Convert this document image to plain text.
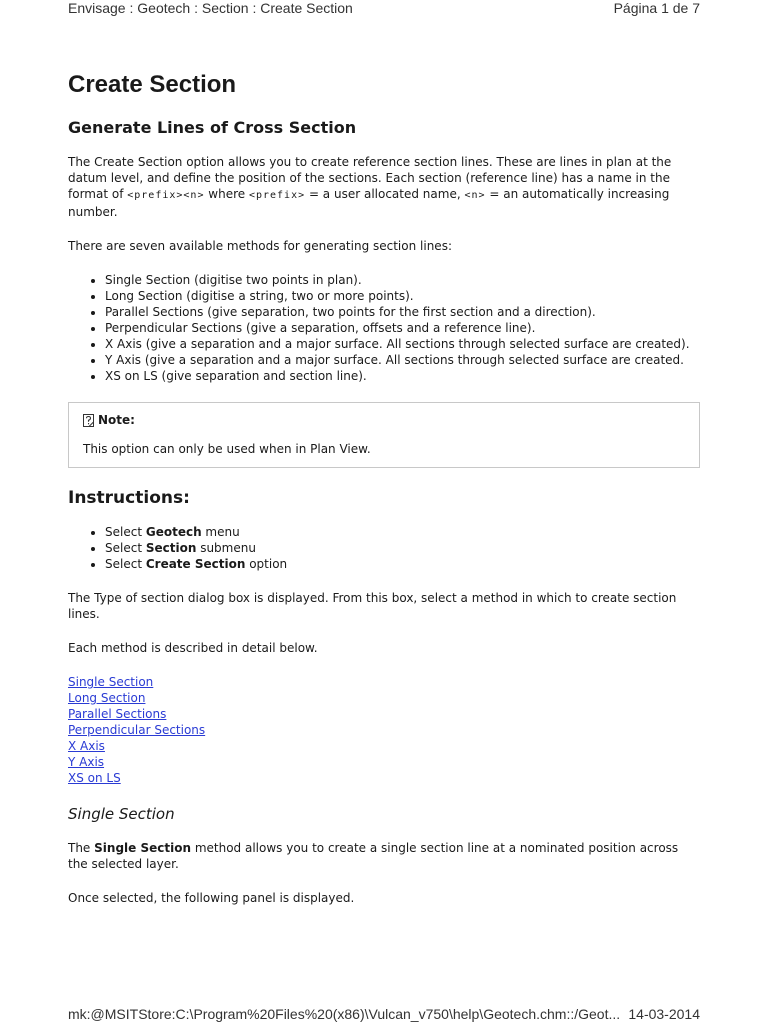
Envisage : Geotech : Section : Create Section	Página 1 de 7
Create Section
Generate Lines of Cross Section

The Create Section option allows you to create reference section lines. These are lines in plan at the datum level, and define the position of the sections. Each section (reference line) has a name in the format of <prefix><n> where <prefix> = a user allocated name, <n> = an automatically increasing number.

There are seven available methods for generating section lines:

• Single Section (digitise two points in plan).
• Long Section (digitise a string, two or more points).
• Parallel Sections (give separation, two points for the first section and a direction).
• Perpendicular Sections (give a separation, offsets and a reference line).
• X Axis (give a separation and a major surface. All sections through selected surface are created).
• Y Axis (give a separation and a major surface. All sections through selected surface are created.
• XS on LS (give separation and section line).
Note:

This option can only be used when in Plan View.

Instructions:
• Select Geotech menu
• Select Section submenu
• Select Create Section option

The Type of section dialog box is displayed. From this box, select a method in which to create section lines.

Each method is described in detail below.

Single Section
Long Section
Parallel Sections
Perpendicular Sections
X Axis
Y Axis
XS on LS
Single Section

The Single Section method allows you to create a single section line at a nominated position across the selected layer.

Once selected, the following panel is displayed.

mk:@MSITStore:C:\Program%20Files%20(x86)\Vulcan_v750\help\Geotech.chm::/Geot... 14-03-2014
